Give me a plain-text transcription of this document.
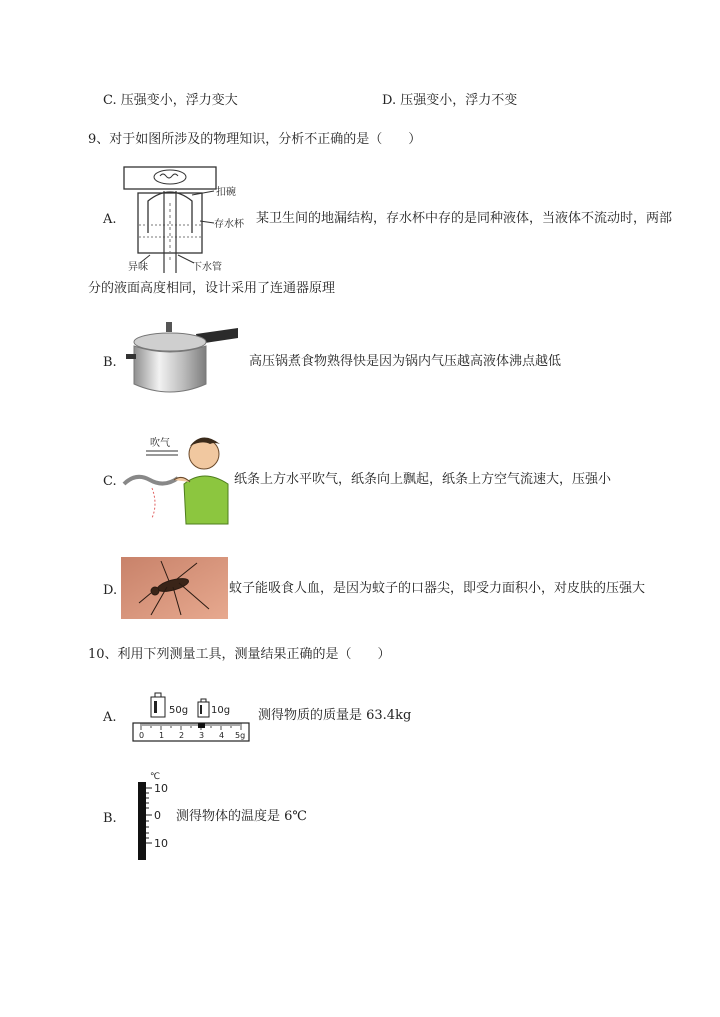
C. 压强变小，浮力变大	D. 压强变小，浮力不变
9、对于如图所涉及的物理知识，分析不正确的是（　　）
A.
扣碗
存水杯
异味	下水管
某卫生间的地漏结构，存水杯中存的是同种液体，当液体不流动时，两部
分的液面高度相同，设计采用了连通器原理
B.	高压锅煮食物熟得快是因为锅内气压越高液体沸点越低
C.
吹气
纸条上方水平吹气，纸条向上飘起，纸条上方空气流速大，压强小
D.	蚊子能吸食人血，是因为蚊子的口器尖，即受力面积小，对皮肤的压强大
10、利用下列测量工具，测量结果正确的是（　　）
A.	50g 10g
0 1 2 3 4 5g
测得物质的质量是 63.4kg
B.
℃
10
0
10
测得物体的温度是 6℃
